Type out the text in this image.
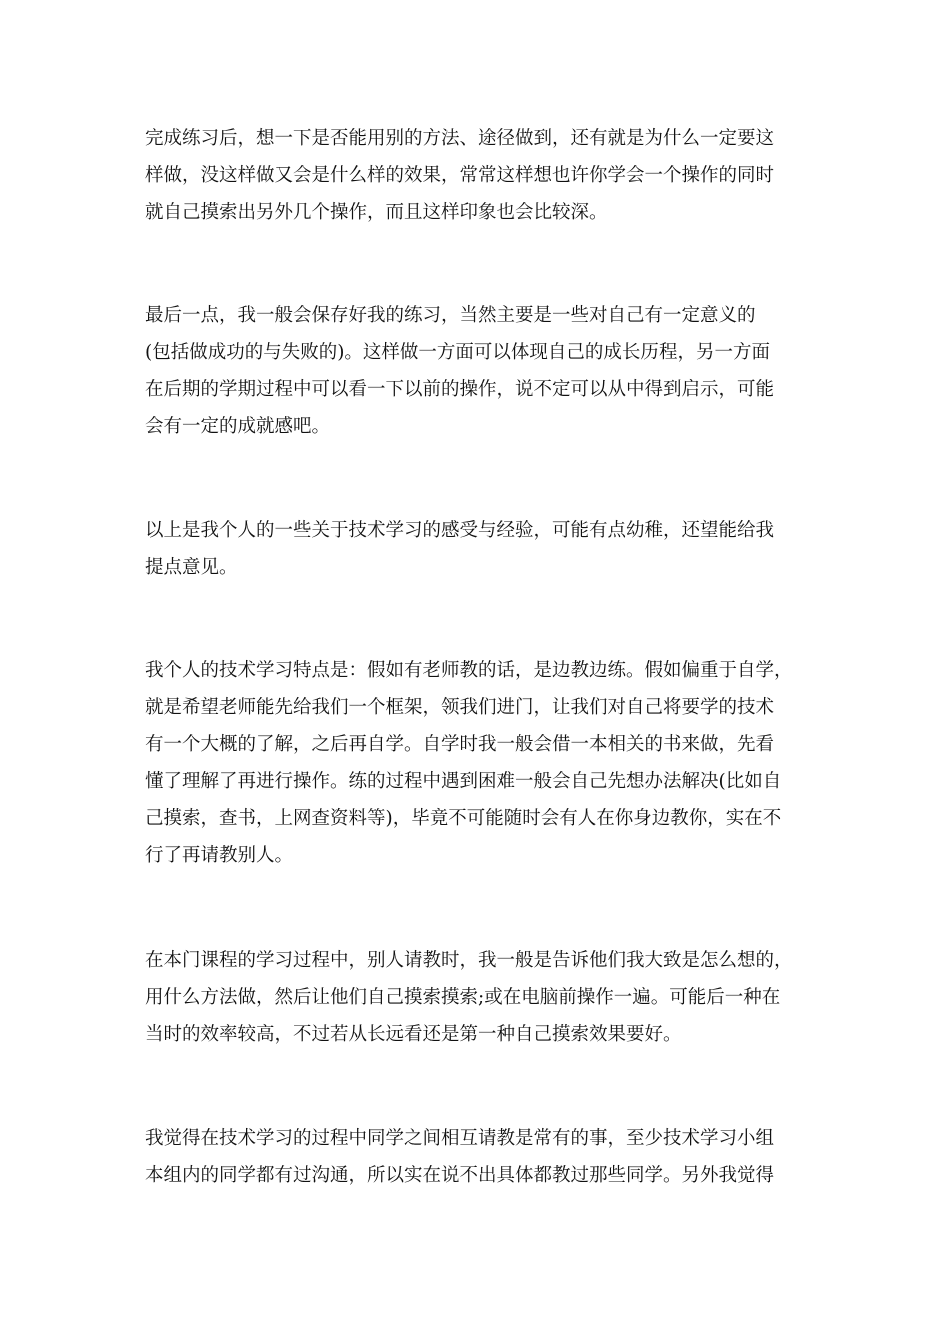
完成练习后，想一下是否能用别的方法、途径做到，还有就是为什么一定要这
样做，没这样做又会是什么样的效果，常常这样想也许你学会一个操作的同时
就自己摸索出另外几个操作，而且这样印象也会比较深。
最后一点，我一般会保存好我的练习，当然主要是一些对自己有一定意义的
(包括做成功的与失败的)。这样做一方面可以体现自己的成长历程，另一方面
在后期的学期过程中可以看一下以前的操作，说不定可以从中得到启示，可能
会有一定的成就感吧。
以上是我个人的一些关于技术学习的感受与经验，可能有点幼稚，还望能给我
提点意见。
我个人的技术学习特点是：假如有老师教的话，是边教边练。假如偏重于自学，
就是希望老师能先给我们一个框架，领我们进门，让我们对自己将要学的技术
有一个大概的了解，之后再自学。自学时我一般会借一本相关的书来做，先看
懂了理解了再进行操作。练的过程中遇到困难一般会自己先想办法解决(比如自
己摸索，查书，上网查资料等)，毕竟不可能随时会有人在你身边教你，实在不
行了再请教别人。
在本门课程的学习过程中，别人请教时，我一般是告诉他们我大致是怎么想的，
用什么方法做，然后让他们自己摸索摸索;或在电脑前操作一遍。可能后一种在
当时的效率较高，不过若从长远看还是第一种自己摸索效果要好。
我觉得在技术学习的过程中同学之间相互请教是常有的事，至少技术学习小组
本组内的同学都有过沟通，所以实在说不出具体都教过那些同学。另外我觉得
